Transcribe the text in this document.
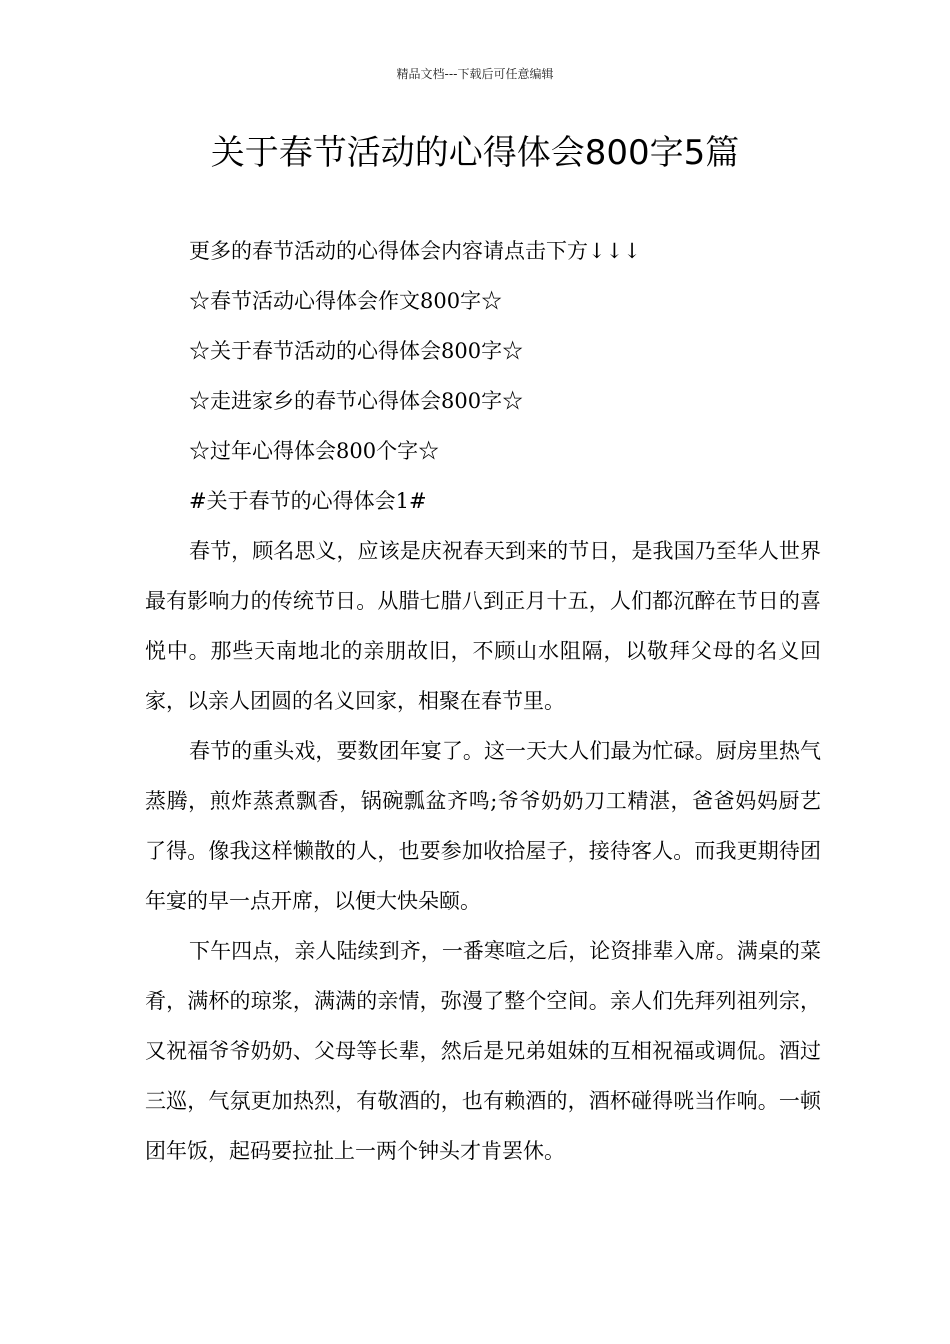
精品文档---下载后可任意编辑
关于春节活动的心得体会800字5篇

更多的春节活动的心得体会内容请点击下方↓↓↓

☆春节活动心得体会作文800字☆

☆关于春节活动的心得体会800字☆

☆走进家乡的春节心得体会800字☆

☆过年心得体会800个字☆

#关于春节的心得体会1#

春节，顾名思义，应该是庆祝春天到来的节日，是我国乃至华人世界最有影响力的传统节日。从腊七腊八到正月十五，人们都沉醉在节日的喜悦中。那些天南地北的亲朋故旧，不顾山水阻隔，以敬拜父母的名义回家，以亲人团圆的名义回家，相聚在春节里。

春节的重头戏，要数团年宴了。这一天大人们最为忙碌。厨房里热气蒸腾，煎炸蒸煮飘香，锅碗瓢盆齐鸣;爷爷奶奶刀工精湛，爸爸妈妈厨艺了得。像我这样懒散的人，也要参加收拾屋子，接待客人。而我更期待团年宴的早一点开席，以便大快朵颐。

下午四点，亲人陆续到齐，一番寒喧之后，论资排辈入席。满桌的菜肴，满杯的琼浆，满满的亲情，弥漫了整个空间。亲人们先拜列祖列宗，又祝福爷爷奶奶、父母等长辈，然后是兄弟姐妹的互相祝福或调侃。酒过三巡，气氛更加热烈，有敬酒的，也有赖酒的，酒杯碰得咣当作响。一顿团年饭，起码要拉扯上一两个钟头才肯罢休。
